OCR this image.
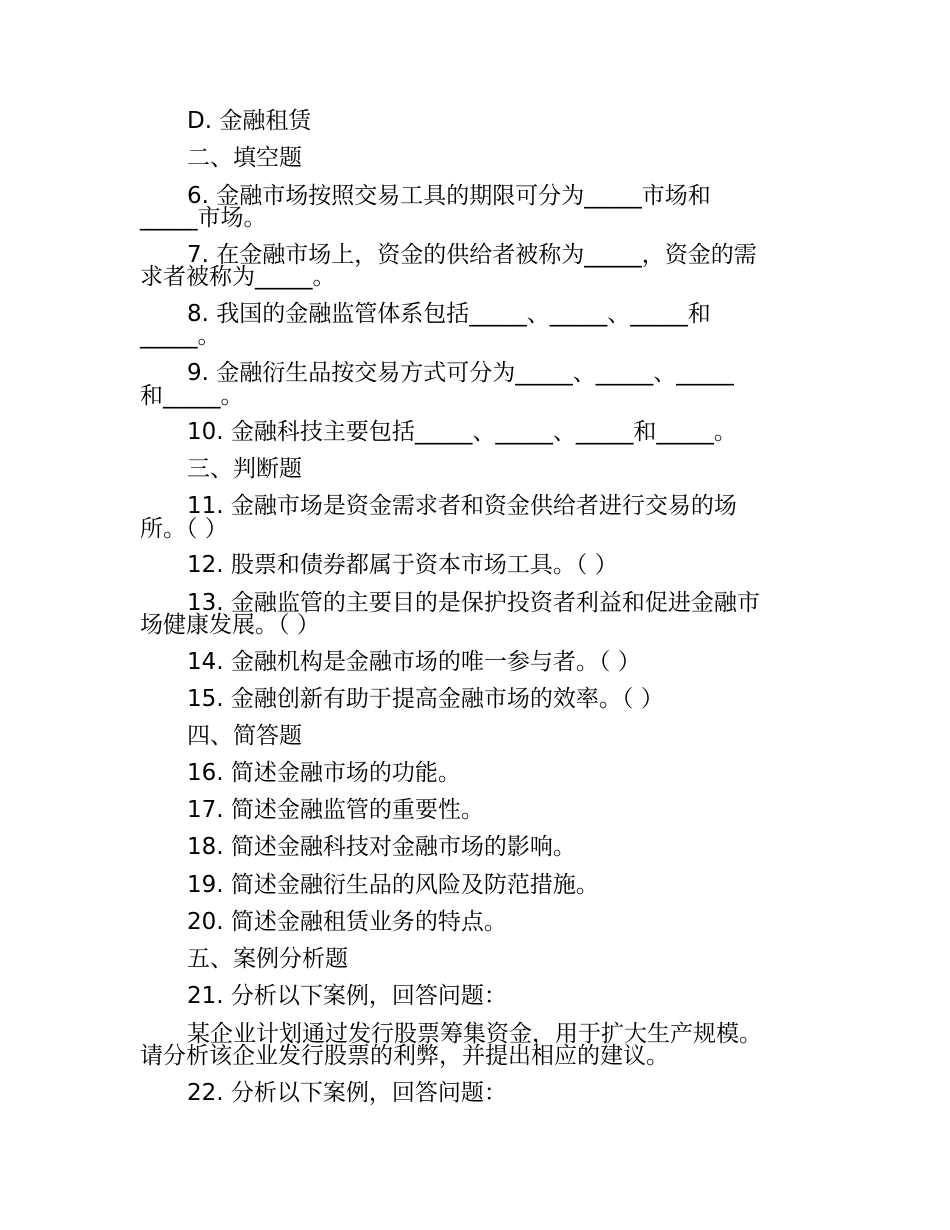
D. 金融租赁
二、填空题
6. 金融市场按照交易工具的期限可分为_____市场和
_____市场。
7. 在金融市场上，资金的供给者被称为_____，资金的需
求者被称为_____。
8. 我国的金融监管体系包括_____、_____、_____和
_____。
9. 金融衍生品按交易方式可分为_____、_____、_____
和_____。
10. 金融科技主要包括_____、_____、_____和_____。
三、判断题
11. 金融市场是资金需求者和资金供给者进行交易的场
所。（ ）
12. 股票和债券都属于资本市场工具。（ ）
13. 金融监管的主要目的是保护投资者利益和促进金融市
场健康发展。（ ）
14. 金融机构是金融市场的唯一参与者。（ ）
15. 金融创新有助于提高金融市场的效率。（ ）
四、简答题
16. 简述金融市场的功能。
17. 简述金融监管的重要性。
18. 简述金融科技对金融市场的影响。
19. 简述金融衍生品的风险及防范措施。
20. 简述金融租赁业务的特点。
五、案例分析题
21. 分析以下案例，回答问题：
某企业计划通过发行股票筹集资金，用于扩大生产规模。
请分析该企业发行股票的利弊，并提出相应的建议。
22. 分析以下案例，回答问题：
